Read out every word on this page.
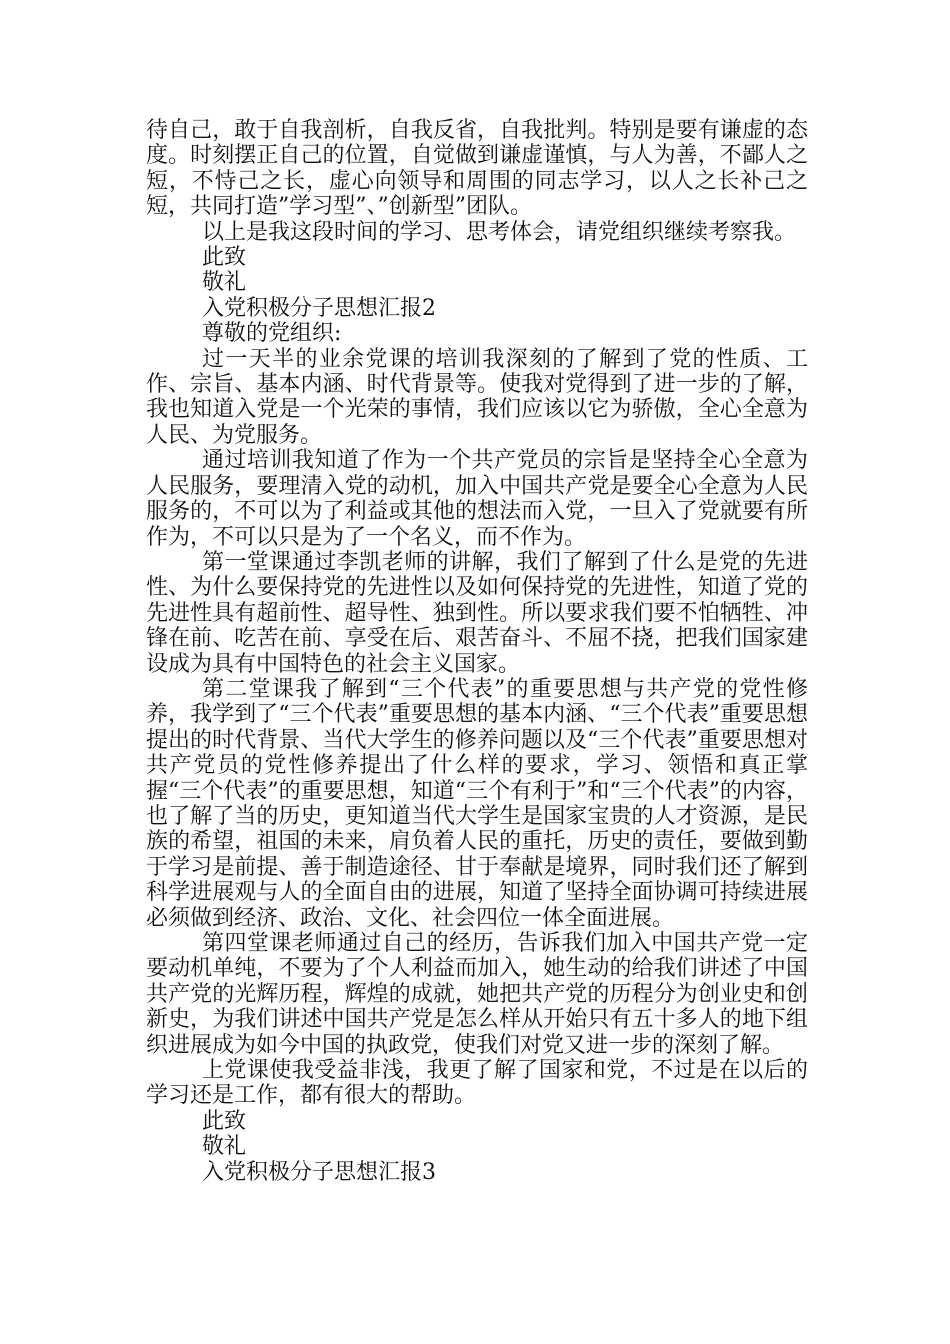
待自己，敢于自我剖析，自我反省，自我批判。特别是要有谦虚的态度。时刻摆正自己的位置，自觉做到谦虚谨慎，与人为善，不鄙人之短，不恃己之长，虚心向领导和周围的同志学习，以人之长补己之短，共同打造”学习型”、”创新型”团队。

以上是我这段时间的学习、思考体会，请党组织继续考察我。

此致

敬礼

入党积极分子思想汇报2

尊敬的党组织:

过一天半的业余党课的培训我深刻的了解到了党的性质、工作、宗旨、基本内涵、时代背景等。使我对党得到了进一步的了解，我也知道入党是一个光荣的事情，我们应该以它为骄傲，全心全意为人民、为党服务。

通过培训我知道了作为一个共产党员的宗旨是坚持全心全意为人民服务，要理清入党的动机，加入中国共产党是要全心全意为人民服务的，不可以为了利益或其他的想法而入党，一旦入了党就要有所作为，不可以只是为了一个名义，而不作为。

第一堂课通过李凯老师的讲解，我们了解到了什么是党的先进性、为什么要保持党的先进性以及如何保持党的先进性，知道了党的先进性具有超前性、超导性、独到性。所以要求我们要不怕牺牲、冲锋在前、吃苦在前、享受在后、艰苦奋斗、不屈不挠，把我们国家建设成为具有中国特色的社会主义国家。

第二堂课我了解到“三个代表”的重要思想与共产党的党性修养，我学到了“三个代表”重要思想的基本内涵、“三个代表”重要思想提出的时代背景、当代大学生的修养问题以及“三个代表”重要思想对共产党员的党性修养提出了什么样的要求，学习、领悟和真正掌握“三个代表”的重要思想，知道“三个有利于”和“三个代表”的内容，也了解了当的历史，更知道当代大学生是国家宝贵的人才资源，是民族的希望，祖国的未来，肩负着人民的重托，历史的责任，要做到勤于学习是前提、善于制造途径、甘于奉献是境界，同时我们还了解到科学进展观与人的全面自由的进展，知道了坚持全面协调可持续进展必须做到经济、政治、文化、社会四位一体全面进展。

第四堂课老师通过自己的经历，告诉我们加入中国共产党一定要动机单纯，不要为了个人利益而加入，她生动的给我们讲述了中国共产党的光辉历程，辉煌的成就，她把共产党的历程分为创业史和创新史，为我们讲述中国共产党是怎么样从开始只有五十多人的地下组织进展成为如今中国的执政党，使我们对党又进一步的深刻了解。

上党课使我受益非浅，我更了解了国家和党，不过是在以后的学习还是工作，都有很大的帮助。

此致

敬礼

入党积极分子思想汇报3
